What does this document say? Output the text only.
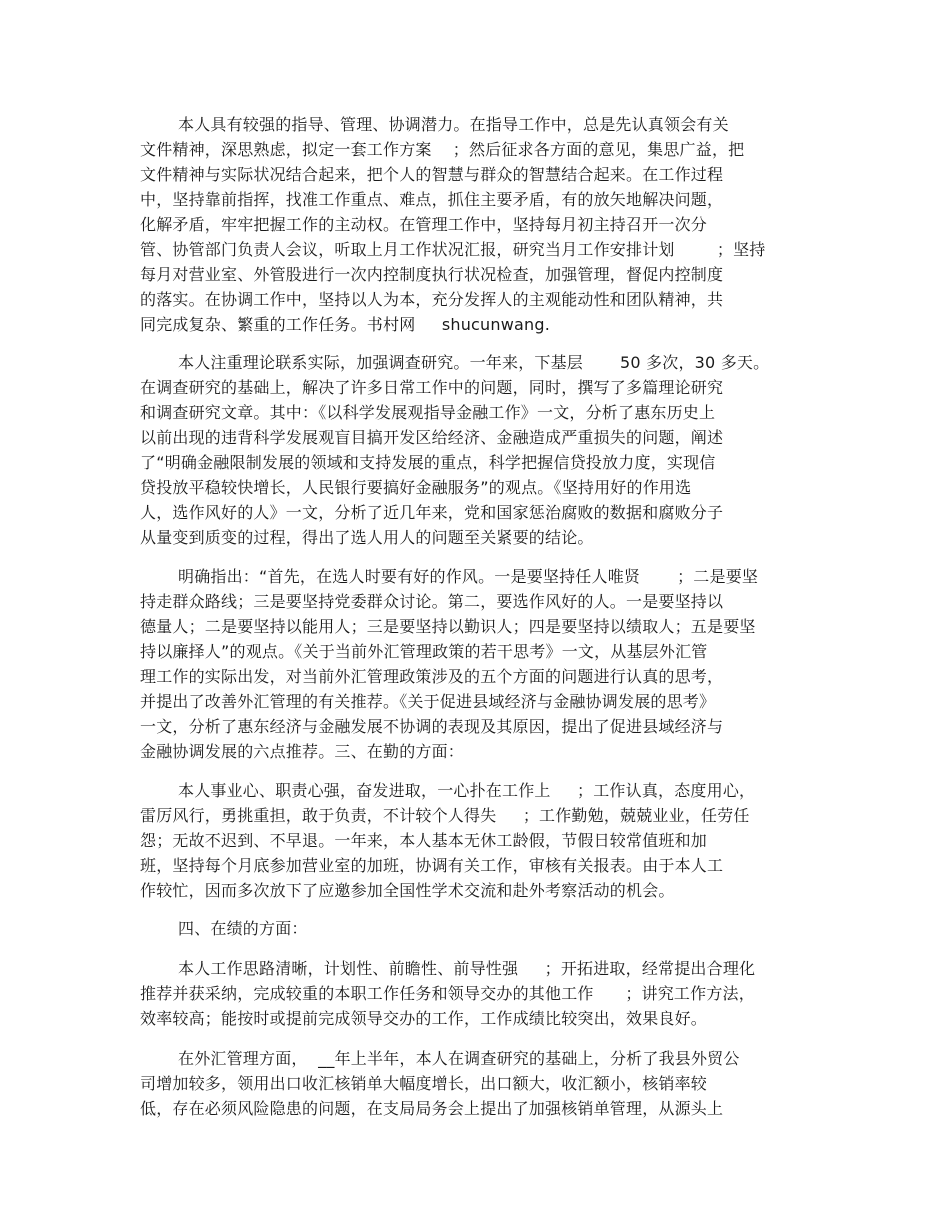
本人具有较强的指导、管理、协调潜力。在指导工作中，总是先认真领会有关
文件精神，深思熟虑，拟定一套工作方案    ；然后征求各方面的意见，集思广益，把
文件精神与实际状况结合起来，把个人的智慧与群众的智慧结合起来。在工作过程
中，坚持靠前指挥，找准工作重点、难点，抓住主要矛盾，有的放矢地解决问题，
化解矛盾，牢牢把握工作的主动权。在管理工作中，坚持每月初主持召开一次分
管、协管部门负责人会议，听取上月工作状况汇报，研究当月工作安排计划        ；坚持
每月对营业室、外管股进行一次内控制度执行状况检查，加强管理，督促内控制度
的落实。在协调工作中，坚持以人为本，充分发挥人的主观能动性和团队精神，共
同完成复杂、繁重的工作任务。书村网     shucunwang.
本人注重理论联系实际，加强调查研究。一年来，下基层       50 多次，30 多天。
在调查研究的基础上，解决了许多日常工作中的问题，同时，撰写了多篇理论研究
和调查研究文章。其中：《以科学发展观指导金融工作》一文，分析了惠东历史上
以前出现的违背科学发展观盲目搞开发区给经济、金融造成严重损失的问题，阐述
了“明确金融限制发展的领域和支持发展的重点，科学把握信贷投放力度，实现信
贷投放平稳较快增长，人民银行要搞好金融服务”的观点。《坚持用好的作用选
人，选作风好的人》一文，分析了近几年来，党和国家惩治腐败的数据和腐败分子
从量变到质变的过程，得出了选人用人的问题至关紧要的结论。
明确指出：“首先，在选人时要有好的作风。一是要坚持任人唯贤       ；二是要坚
持走群众路线；三是要坚持党委群众讨论。第二，要选作风好的人。一是要坚持以
德量人；二是要坚持以能用人；三是要坚持以勤识人；四是要坚持以绩取人；五是要坚
持以廉择人”的观点。《关于当前外汇管理政策的若干思考》一文，从基层外汇管
理工作的实际出发，对当前外汇管理政策涉及的五个方面的问题进行认真的思考，
并提出了改善外汇管理的有关推荐。《关于促进县域经济与金融协调发展的思考》
一文，分析了惠东经济与金融发展不协调的表现及其原因，提出了促进县域经济与
金融协调发展的六点推荐。三、在勤的方面：
本人事业心、职责心强，奋发进取，一心扑在工作上     ；工作认真，态度用心，
雷厉风行，勇挑重担，敢于负责，不计较个人得失     ；工作勤勉，兢兢业业，任劳任
怨；无故不迟到、不早退。一年来，本人基本无休工龄假，节假日较常值班和加
班，坚持每个月底参加营业室的加班，协调有关工作，审核有关报表。由于本人工
作较忙，因而多次放下了应邀参加全国性学术交流和赴外考察活动的机会。
四、在绩的方面：
本人工作思路清晰，计划性、前瞻性、前导性强     ；开拓进取，经常提出合理化
推荐并获采纳，完成较重的本职工作任务和领导交办的其他工作      ；讲究工作方法，
效率较高；能按时或提前完成领导交办的工作，工作成绩比较突出，效果良好。
在外汇管理方面，  __年上半年，本人在调查研究的基础上，分析了我县外贸公
司增加较多，领用出口收汇核销单大幅度增长，出口额大，收汇额小，核销率较
低，存在必须风险隐患的问题，在支局局务会上提出了加强核销单管理，从源头上
